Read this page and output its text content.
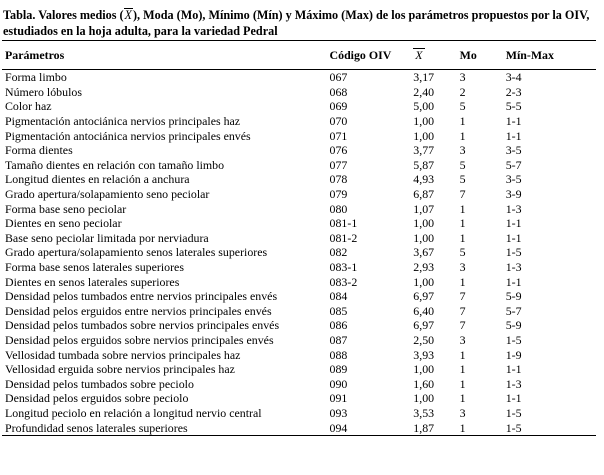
Tabla. Valores medios (X), Moda (Mo), Mínimo (Mín) y Máximo (Max) de los parámetros propuestos por la OIV, estudiados en la hoja adulta, para la variedad Pedral
Parámetros	Código OIV	X	Mo	Mín-Max
Forma limbo	067	3,17	3	3-4
Número lóbulos	068	2,40	2	2-3
Color haz	069	5,00	5	5-5
Pigmentación antociánica nervios principales haz	070	1,00	1	1-1
Pigmentación antociánica nervios principales envés	071	1,00	1	1-1
Forma dientes	076	3,77	3	3-5
Tamaño dientes en relación con tamaño limbo	077	5,87	5	5-7
Longitud dientes en relación a anchura	078	4,93	5	3-5
Grado apertura/solapamiento seno peciolar	079	6,87	7	3-9
Forma base seno peciolar	080	1,07	1	1-3
Dientes en seno peciolar	081-1	1,00	1	1-1
Base seno peciolar limitada por nerviadura	081-2	1,00	1	1-1
Grado apertura/solapamiento senos laterales superiores	082	3,67	5	1-5
Forma base senos laterales superiores	083-1	2,93	3	1-3
Dientes en senos laterales superiores	083-2	1,00	1	1-1
Densidad pelos tumbados entre nervios principales envés	084	6,97	7	5-9
Densidad pelos erguidos entre nervios principales envés	085	6,40	7	5-7
Densidad pelos tumbados sobre nervios principales envés	086	6,97	7	5-9
Densidad pelos erguidos sobre nervios principales envés	087	2,50	3	1-5
Vellosidad tumbada sobre nervios principales haz	088	3,93	1	1-9
Vellosidad erguida sobre nervios principales haz	089	1,00	1	1-1
Densidad pelos tumbados sobre peciolo	090	1,60	1	1-3
Densidad pelos erguidos sobre peciolo	091	1,00	1	1-1
Longitud peciolo en relación a longitud nervio central	093	3,53	3	1-5
Profundidad senos laterales superiores	094	1,87	1	1-5
